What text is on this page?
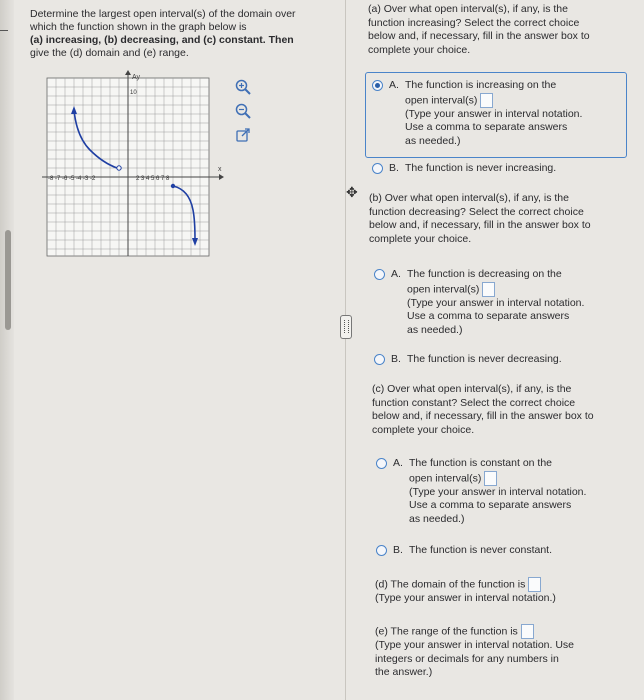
Determine the largest open interval(s) of the domain over

which the function shown in the graph below is

(a) increasing, (b) decreasing, and (c) constant. Then

give the (d) domain and (e) range.

Ay
x
-8 -7 -6 -5 -4 -3 -2	2 3 4 5 6 7 8
10
✥
(a) Over what open interval(s), if any, is the
function increasing? Select the correct choice
below and, if necessary, fill in the answer box to
complete your choice.
A. The function is increasing on the
open interval(s)
(Type your answer in interval notation.
Use a comma to separate answers
as needed.)
B. The function is never increasing.
(b) Over what open interval(s), if any, is the
function decreasing? Select the correct choice
below and, if necessary, fill in the answer box to
complete your choice.
A. The function is decreasing on the
open interval(s)
(Type your answer in interval notation.
Use a comma to separate answers
as needed.)
B. The function is never decreasing.
(c) Over what open interval(s), if any, is the
function constant? Select the correct choice
below and, if necessary, fill in the answer box to
complete your choice.
A. The function is constant on the
open interval(s)
(Type your answer in interval notation.
Use a comma to separate answers
as needed.)
B. The function is never constant.
(d) The domain of the function is
(Type your answer in interval notation.)
(e) The range of the function is
(Type your answer in interval notation. Use
integers or decimals for any numbers in
the answer.)
